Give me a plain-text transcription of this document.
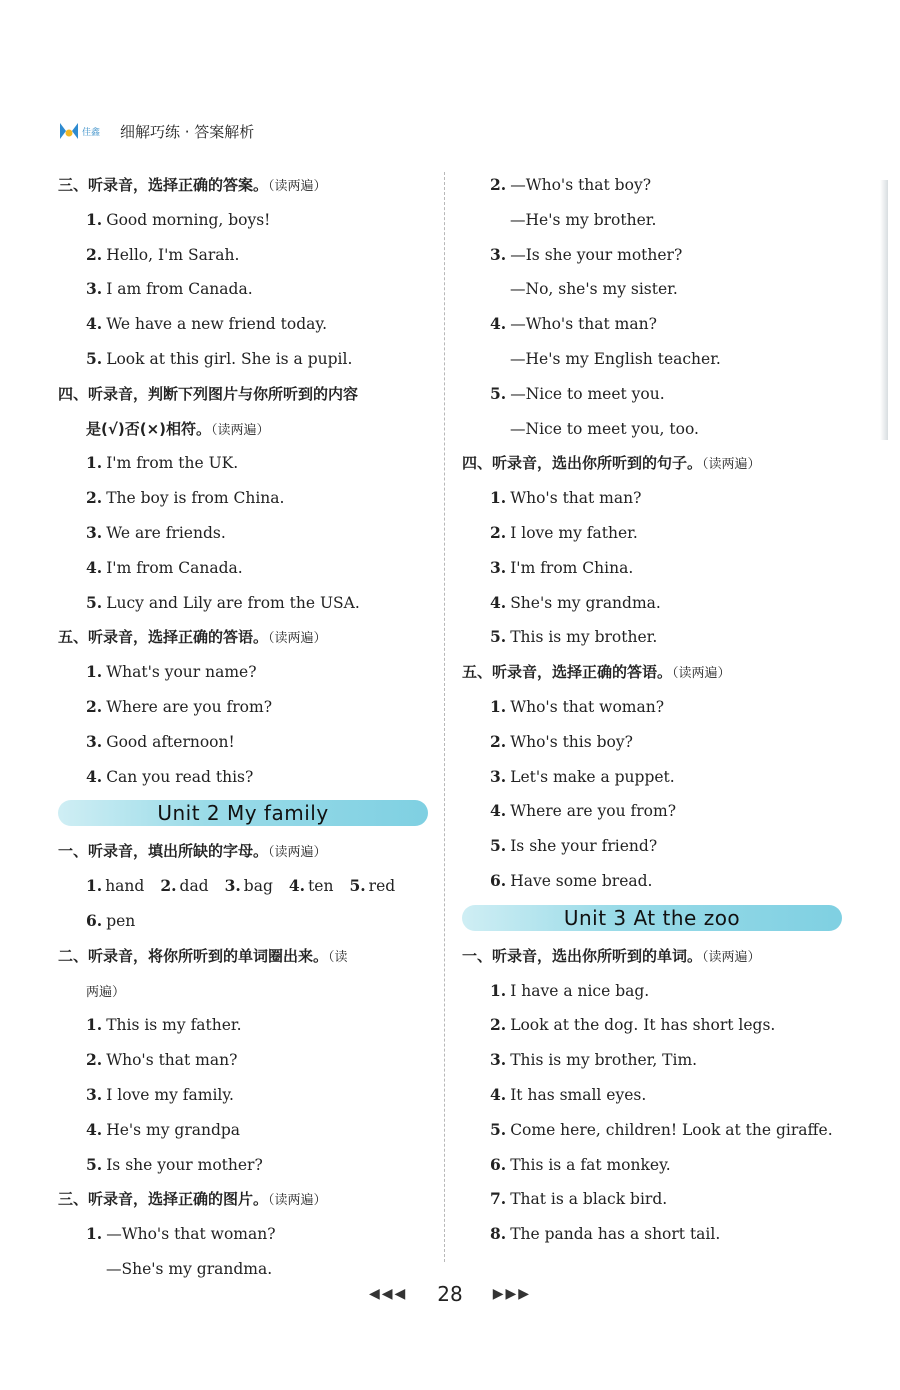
佳鑫 细解巧练 · 答案解析
三、听录音，选择正确的答案。（读两遍）
1. Good morning, boys!
2. Hello, I'm Sarah.
3. I am from Canada.
4. We have a new friend today.
5. Look at this girl. She is a pupil.
四、听录音，判断下列图片与你所听到的内容
是(√)否(×)相符。（读两遍）
1. I'm from the UK.
2. The boy is from China.
3. We are friends.
4. I'm from Canada.
5. Lucy and Lily are from the USA.
五、听录音，选择正确的答语。（读两遍）
1. What's your name?
2. Where are you from?
3. Good afternoon!
4. Can you read this?
Unit 2 My family
一、听录音，填出所缺的字母。（读两遍）
1. hand 2. dad 3. bag 4. ten 5. red
6. pen
二、听录音，将你所听到的单词圈出来。（读
两遍）
1. This is my father.
2. Who's that man?
3. I love my family.
4. He's my grandpa
5. Is she your mother?
三、听录音，选择正确的图片。（读两遍）
1. —Who's that woman?
—She's my grandma.
2. —Who's that boy?
—He's my brother.
3. —Is she your mother?
—No, she's my sister.
4. —Who's that man?
—He's my English teacher.
5. —Nice to meet you.
—Nice to meet you, too.
四、听录音，选出你所听到的句子。（读两遍）
1. Who's that man?
2. I love my father.
3. I'm from China.
4. She's my grandma.
5. This is my brother.
五、听录音，选择正确的答语。（读两遍）
1. Who's that woman?
2. Who's this boy?
3. Let's make a puppet.
4. Where are you from?
5. Is she your friend?
6. Have some bread.
Unit 3 At the zoo
一、听录音，选出你所听到的单词。（读两遍）
1. I have a nice bag.
2. Look at the dog. It has short legs.
3. This is my brother, Tim.
4. It has small eyes.
5. Come here, children! Look at the giraffe.
6. This is a fat monkey.
7. That is a black bird.
8. The panda has a short tail.
◀◀◀ 28 ▶▶▶
